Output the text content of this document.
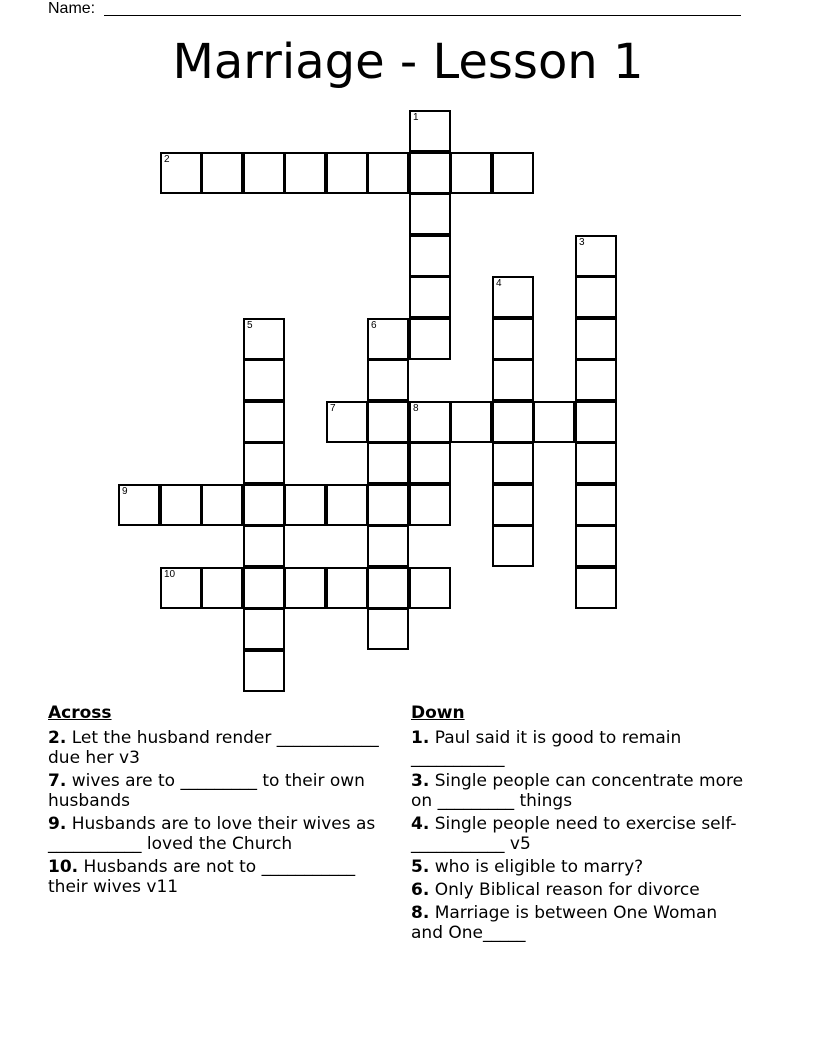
Name:
Marriage - Lesson 1
1
2
3
4
5	6
7	8
9
10
Across
2. Let the husband render ____________ due her v3
7. wives are to _________ to their own husbands
9. Husbands are to love their wives as ___________ loved the Church
10. Husbands are not to ___________ their wives v11
Down
1. Paul said it is good to remain ___________
3. Single people can concentrate more on _________ things
4. Single people need to exercise self-___________ v5
5. who is eligible to marry?
6. Only Biblical reason for divorce
8. Marriage is between One Woman and One_____
